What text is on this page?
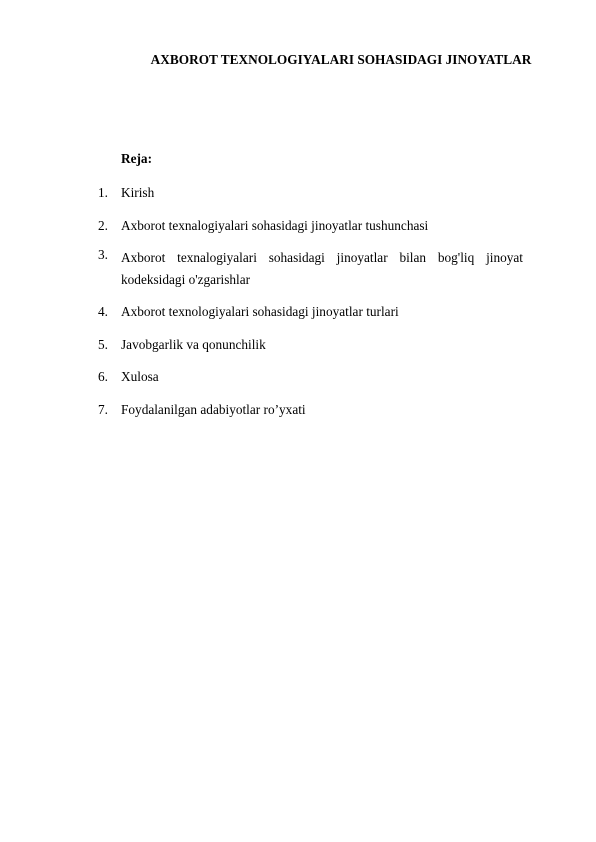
AXBOROT TEXNOLOGIYALARI SOHASIDAGI JINOYATLAR
Reja:
1. Kirish
2. Axborot texnalogiyalari sohasidagi jinoyatlar tushunchasi
3. Axborot texnalogiyalari sohasidagi jinoyatlar bilan bog'liq jinoyat
kodeksidagi o'zgarishlar
4. Axborot texnologiyalari sohasidagi jinoyatlar turlari
5. Javobgarlik va qonunchilik
6. Xulosa
7. Foydalanilgan adabiyotlar ro’yxati
